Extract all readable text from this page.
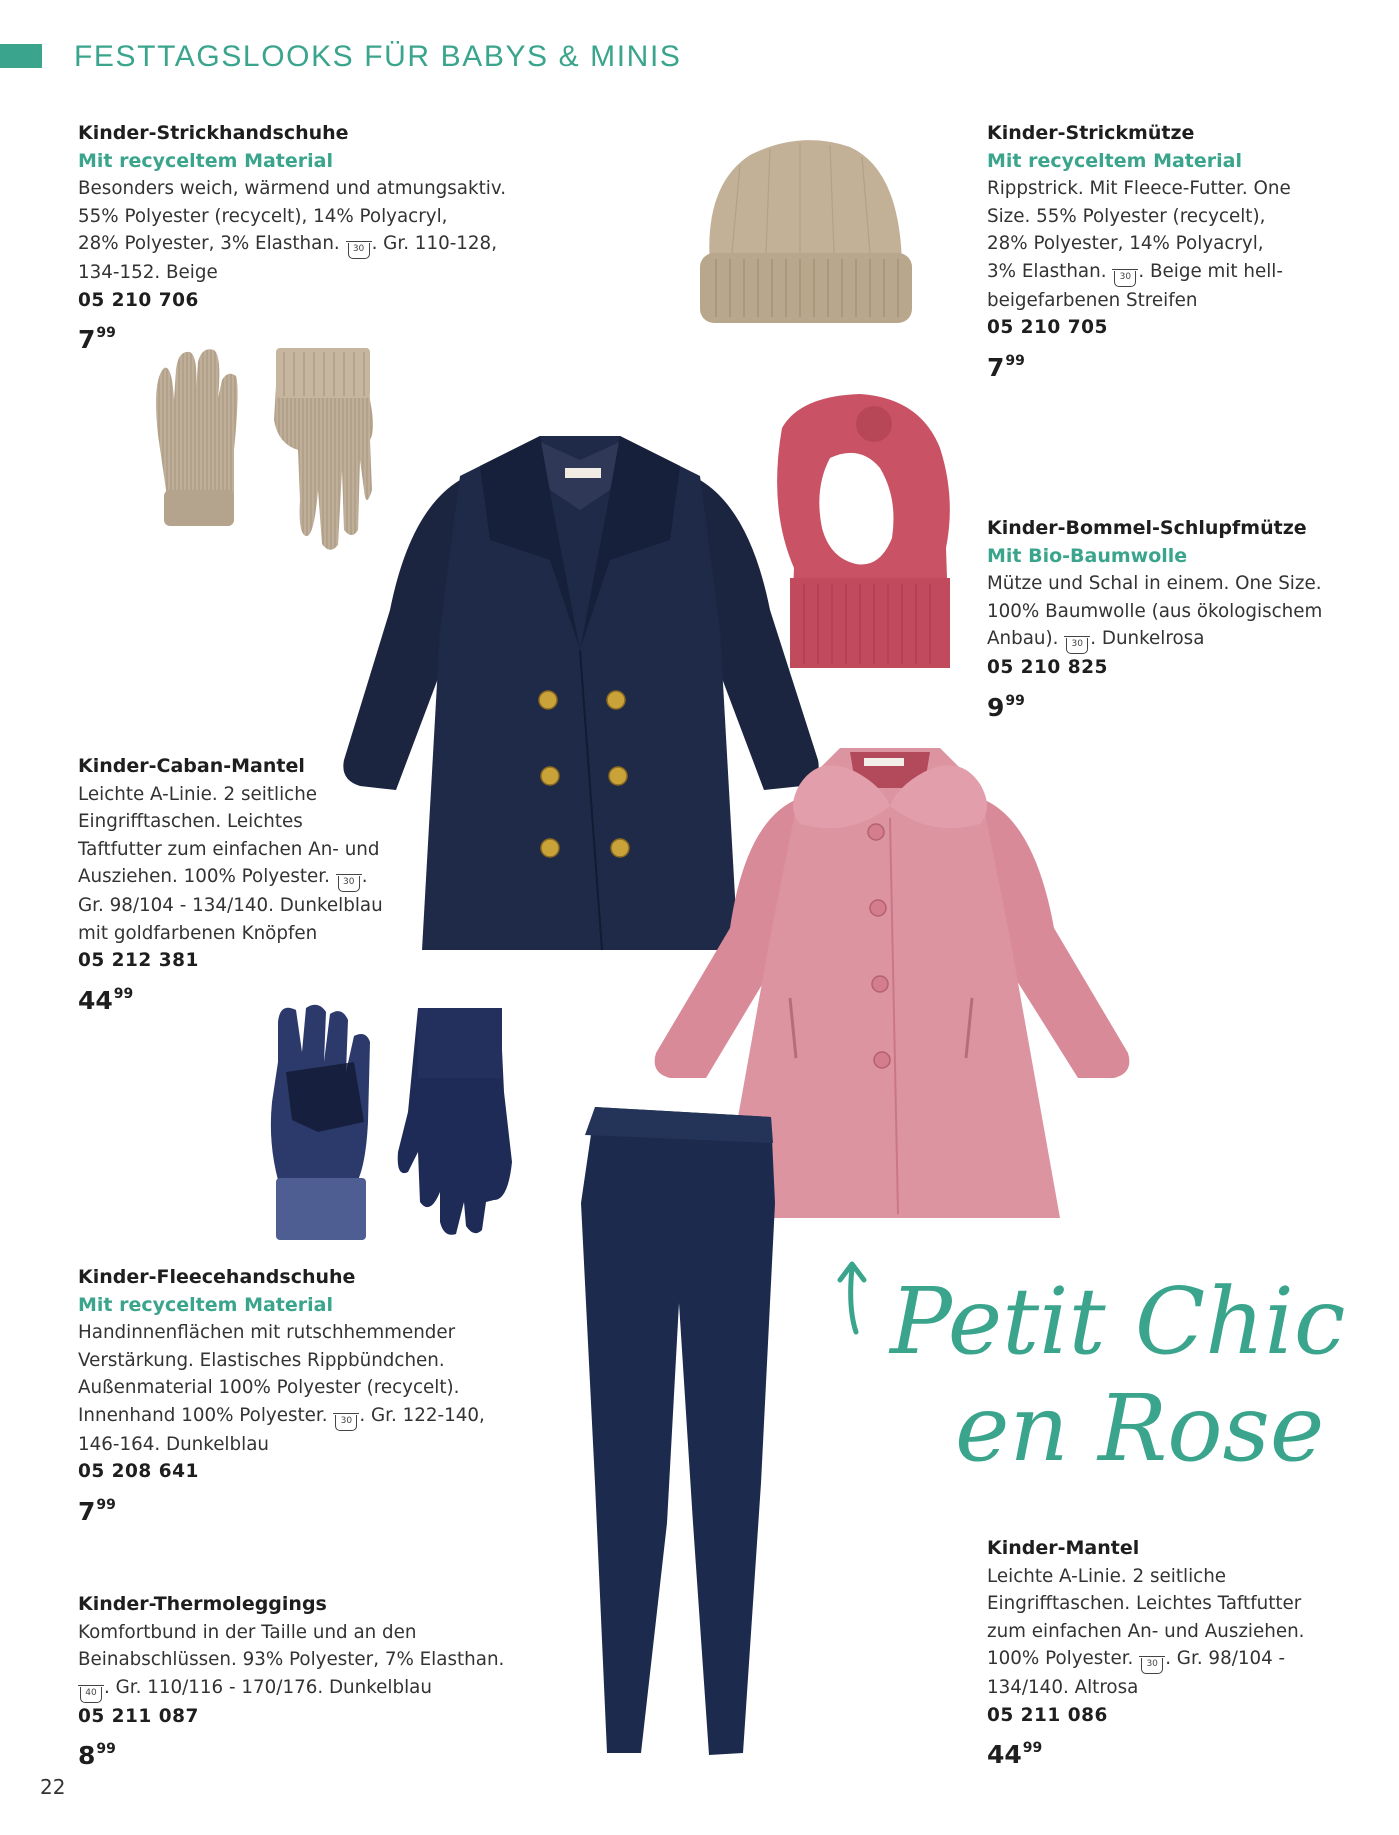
FESTTAGSLOOKS FÜR BABYS & MINIS
Petit Chic
en Rose
Kinder-Strickhandschuhe
Mit recyceltem Material
Besonders weich, wärmend und atmungsaktiv.
55% Polyester (recycelt), 14% Polyacryl,
28% Polyester, 3% Elasthan. 30 . Gr. 110-128,
134-152. Beige
05 210 706
$7^{99}$
Kinder-Strickmütze
Mit recyceltem Material
Rippstrick. Mit Fleece-Futter. One
Size. 55% Polyester (recycelt),
28% Polyester, 14% Polyacryl,
3% Elasthan. 30 . Beige mit hell-
beigefarbenen Streifen
05 210 705
$7^{99}$
Kinder-Bommel-Schlupfmütze
Mit Bio-Baumwolle
Mütze und Schal in einem. One Size.
100% Baumwolle (aus ökologischem
Anbau). 30 . Dunkelrosa
05 210 825
$9^{99}$
Kinder-Caban-Mantel
Leichte A-Linie. 2 seitliche
Eingrifftaschen. Leichtes
Taftfutter zum einfachen An- und
Ausziehen. 100% Polyester. 30 .
Gr. 98/104 - 134/140. Dunkelblau
mit goldfarbenen Knöpfen
05 212 381
$44^{99}$
Kinder-Fleecehandschuhe
Mit recyceltem Material
Handinnenflächen mit rutschhemmender
Verstärkung. Elastisches Rippbündchen.
Außenmaterial 100% Polyester (recycelt).
Innenhand 100% Polyester. 30 . Gr. 122-140,
146-164. Dunkelblau
05 208 641
$7^{99}$
Kinder-Thermoleggings
Komfortbund in der Taille und an den
Beinabschlüssen. 93% Polyester, 7% Elasthan.
40 . Gr. 110/116 - 170/176. Dunkelblau
05 211 087
$8^{99}$
Kinder-Mantel
Leichte A-Linie. 2 seitliche
Eingrifftaschen. Leichtes Taftfutter
zum einfachen An- und Ausziehen.
100% Polyester. 30 . Gr. 98/104 -
134/140. Altrosa
05 211 086
$44^{99}$
22
